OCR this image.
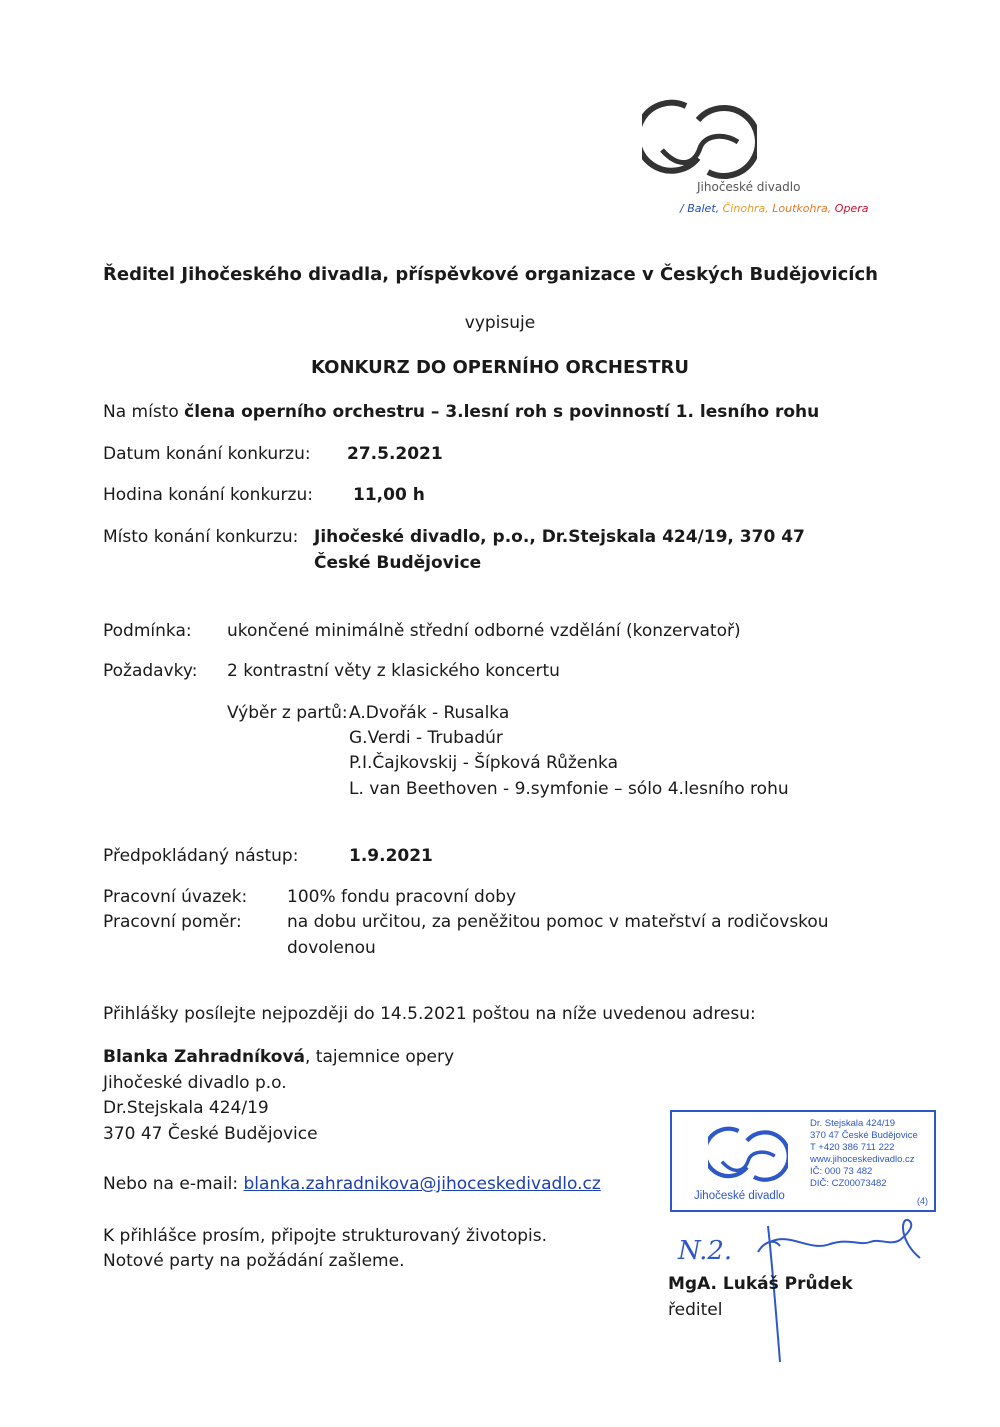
Jihočeské divadlo
/ Balet, Činohra, Loutkohra, Opera
Ředitel Jihočeského divadla, příspěvkové organizace v Českých Budějovicích
vypisuje
KONKURZ DO OPERNÍHO ORCHESTRU
Na místo člena operního orchestru – 3.lesní roh s povinností 1. lesního rohu
Datum konání konkurzu: 27.5.2021
Hodina konání konkurzu: 11,00 h
Místo konání konkurzu: Jihočeské divadlo, p.o., Dr.Stejskala 424/19, 370 47
České Budějovice
Podmínka: ukončené minimálně střední odborné vzdělání (konzervatoř)
Požadavky: 2 kontrastní věty z klasického koncertu
Výběr z partů: A.Dvořák - Rusalka
G.Verdi - Trubadúr
P.I.Čajkovskij - Šípková Růženka
L. van Beethoven - 9.symfonie – sólo 4.lesního rohu
Předpokládaný nástup:	1.9.2021
Pracovní úvazek: 100% fondu pracovní doby
Pracovní poměr:	na dobu určitou, za peněžitou pomoc v mateřství a rodičovskou
dovolenou
Přihlášky posílejte nejpozději do 14.5.2021 poštou na níže uvedenou adresu:
Blanka Zahradníková, tajemnice opery
Jihočeské divadlo p.o.
Dr.Stejskala 424/19
370 47 České Budějovice
Nebo na e-mail: blanka.zahradnikova@jihoceskedivadlo.cz
K přihlášce prosím, připojte strukturovaný životopis.
Notové party na požádání zašleme.
Dr. Stejskala 424/19
370 47 České Budějovice
T +420 386 711 222
www.jihoceskedivadlo.cz
IČ: 000 73 482
DIČ: CZ00073482
Jihočeské divadlo	(4)
N.2.
MgA. Lukáš Průdek
ředitel
